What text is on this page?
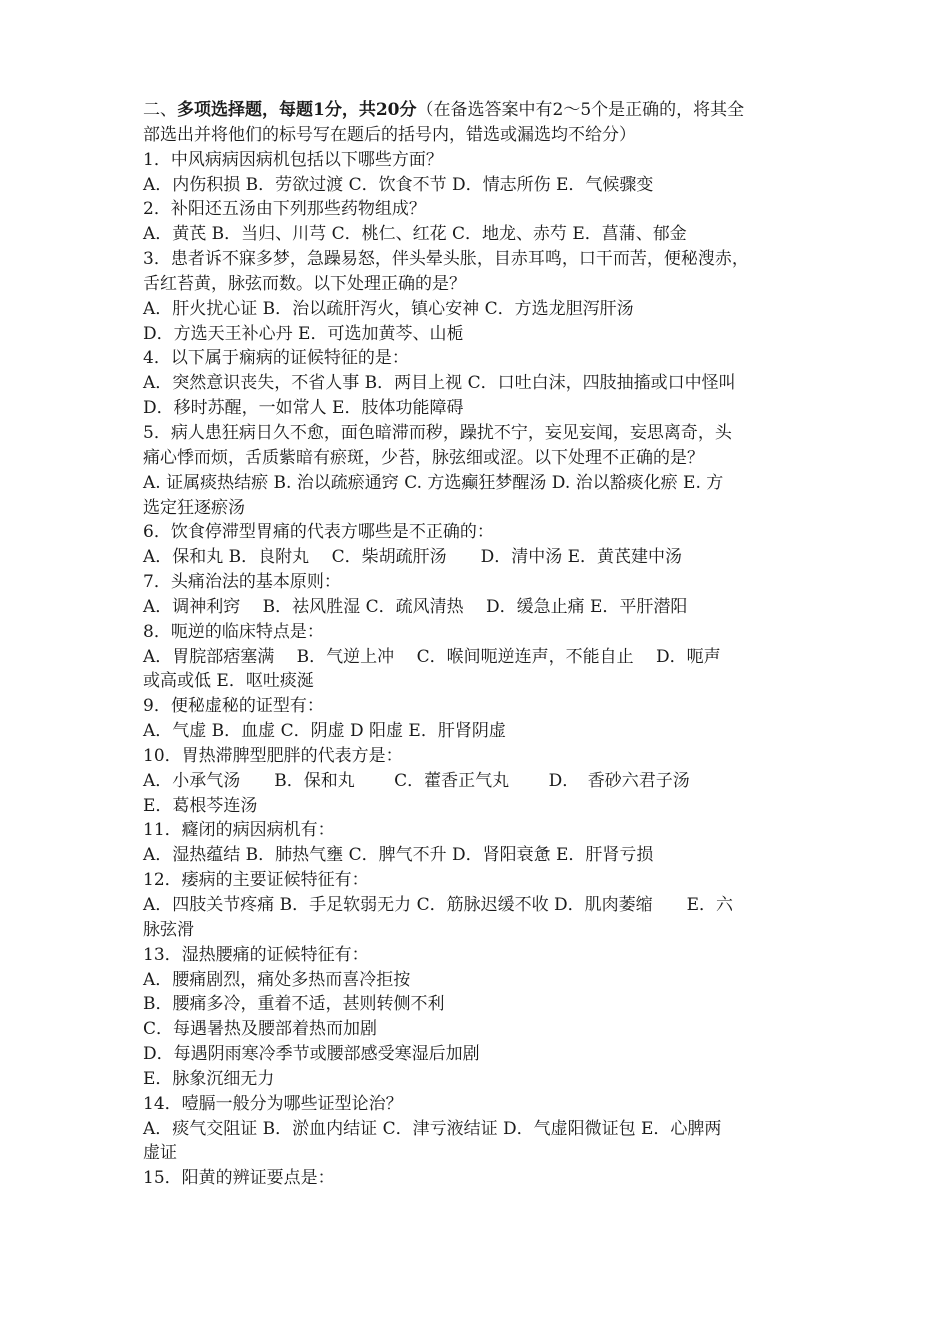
二、多项选择题，每题1分，共20分（在备选答案中有2～5个是正确的，将其全
部选出并将他们的标号写在题后的括号内，错选或漏选均不给分）
1．中风病病因病机包括以下哪些方面？
A．内伤积损 B．劳欲过渡 C．饮食不节 D．情志所伤 E．气候骤变
2．补阳还五汤由下列那些药物组成？
A．黄芪 B．当归、川芎 C．桃仁、红花 C．地龙、赤芍 E．菖蒲、郁金
3．患者诉不寐多梦，急躁易怒，伴头晕头胀，目赤耳鸣，口干而苦，便秘溲赤，
舌红苔黄，脉弦而数。以下处理正确的是？
A．肝火扰心证 B．治以疏肝泻火，镇心安神 C．方选龙胆泻肝汤
D．方选天王补心丹 E．可选加黄芩、山栀
4．以下属于痫病的证候特征的是：
A．突然意识丧失，不省人事 B．两目上视 C．口吐白沫，四肢抽搐或口中怪叫
D．移时苏醒，一如常人 E．肢体功能障碍
5．病人患狂病日久不愈，面色暗滞而秽，躁扰不宁，妄见妄闻，妄思离奇，头
痛心悸而烦，舌质紫暗有瘀斑，少苔，脉弦细或涩。以下处理不正确的是？
A. 证属痰热结瘀 B. 治以疏瘀通窍 C. 方选癫狂梦醒汤 D. 治以豁痰化瘀 E. 方
选定狂逐瘀汤
6．饮食停滞型胃痛的代表方哪些是不正确的：
A．保和丸 B．良附丸　 C．柴胡疏肝汤　　D．清中汤 E．黄芪建中汤
7．头痛治法的基本原则：
A．调神利窍　 B．祛风胜湿 C．疏风清热　 D．缓急止痛 E．平肝潜阳
8．呃逆的临床特点是：
A．胃脘部痞塞满　 B．气逆上冲　 C．喉间呃逆连声，不能自止　 D．呃声
或高或低 E．呕吐痰涎
9．便秘虚秘的证型有：
A．气虚 B．血虚 C．阴虚 D 阳虚 E．肝肾阴虚
10．胃热滞脾型肥胖的代表方是：
A．小承气汤　　B．保和丸　　 C．藿香正气丸　　 D．　香砂六君子汤
E．葛根芩连汤
11．癃闭的病因病机有：
A．湿热蕴结 B．肺热气壅 C．脾气不升 D．肾阳衰惫 E．肝肾亏损
12．痿病的主要证候特征有：
A．四肢关节疼痛 B．手足软弱无力 C．筋脉迟缓不收 D．肌肉萎缩　　E．六
脉弦滑
13．湿热腰痛的证候特征有：
A．腰痛剧烈，痛处多热而喜冷拒按
B．腰痛多冷，重着不适，甚则转侧不利
C．每遇暑热及腰部着热而加剧
D．每遇阴雨寒冷季节或腰部感受寒湿后加剧
E．脉象沉细无力
14．噎膈一般分为哪些证型论治？
A．痰气交阻证 B．淤血内结证 C．津亏液结证 D．气虚阳微证包 E．心脾两
虚证
15．阳黄的辨证要点是：
